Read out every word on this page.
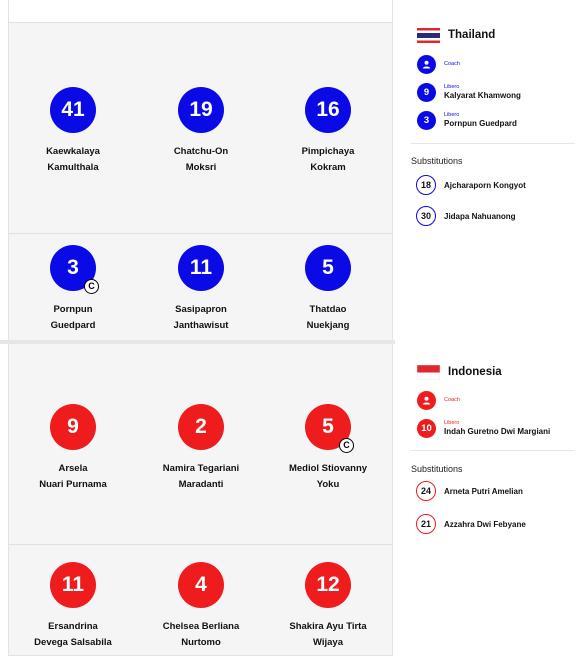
41
Kaewkalaya
Kamulthala
19
Chatchu-On
Moksri
16
Pimpichaya
Kokram
3
C
Pornpun
Guedpard
11
Sasipapron
Janthawisut
5
Thatdao
Nuekjang
9
Arsela
Nuari Purnama
2
Namira Tegariani
Maradanti
5
C
Mediol Stiovanny
Yoku
11
Ersandrina
Devega Salsabila
4
Chelsea Berliana
Nurtomo
12
Shakira Ayu Tirta
Wijaya
Thailand
Coach
9	Libero
Kalyarat Khamwong
3	Libero
Pornpun Guedpard
Substitutions
18	Ajcharaporn Kongyot
30	Jidapa Nahuanong
Indonesia
Coach
10	Libero
Indah Guretno Dwi Margiani
Substitutions
24	Arneta Putri Amelian
21	Azzahra Dwi Febyane
